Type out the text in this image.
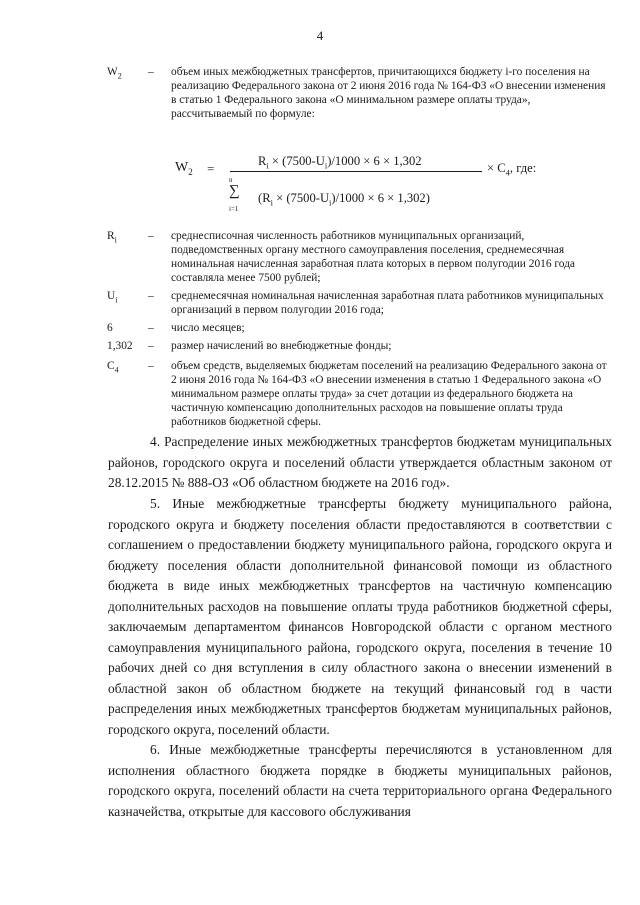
4
$W_2$	– объем иных межбюджетных трансфертов, причитающихся бюджету i-го поселения на реализацию Федерального закона от 2 июня 2016 года № 164-ФЗ «О внесении изменения в статью 1 Федерального закона «О минимальном размере оплаты труда», рассчитываемый по формуле:
$W_2$ =	$R_i \times (7500-U_i)/1000 \times 6 \times 1,302$
n
∑
i=1
$(R_i \times (7500-U_i)/1000 \times 6 \times 1,302)$
× $C_4$, где:
$R_i$	– среднесписочная численность работников муниципальных организаций, подведомственных органу местного самоуправления поселения, среднемесячная номинальная начисленная заработная плата которых в первом полугодии 2016 года составляла менее 7500 рублей;
$U_i$	– среднемесячная номинальная начисленная заработная плата работников муниципальных организаций в первом полугодии 2016 года;
6	– число месяцев;
1,302	– размер начислений во внебюджетные фонды;
$C_4$	– объем средств, выделяемых бюджетам поселений на реализацию Федерального закона от 2 июня 2016 года № 164-ФЗ «О внесении изменения в статью 1 Федерального закона «О минимальном размере оплаты труда» за счет дотации из федерального бюджета на частичную компенсацию дополнительных расходов на повышение оплаты труда работников бюджетной сферы.
4. Распределение иных межбюджетных трансфертов бюджетам муниципальных районов, городского округа и поселений области утверждается областным законом от 28.12.2015 № 888-ОЗ «Об областном бюджете на 2016 год».
5. Иные межбюджетные трансферты бюджету муниципального района, городского округа и бюджету поселения области предоставляются в соответствии с соглашением о предоставлении бюджету муниципального района, городского округа и бюджету поселения области дополнительной финансовой помощи из областного бюджета в виде иных межбюджетных трансфертов на частичную компенсацию дополнительных расходов на повышение оплаты труда работников бюджетной сферы, заключаемым департаментом финансов Новгородской области с органом местного самоуправления муниципального района, городского округа, поселения в течение 10 рабочих дней со дня вступления в силу областного закона о внесении изменений в областной закон об областном бюджете на текущий финансовый год в части распределения иных межбюджетных трансфертов бюджетам муниципальных районов, городского округа, поселений области.
6. Иные межбюджетные трансферты перечисляются в установленном для исполнения областного бюджета порядке в бюджеты муниципальных районов, городского округа, поселений области на счета территориального органа Федерального казначейства, открытые для кассового обслуживания
